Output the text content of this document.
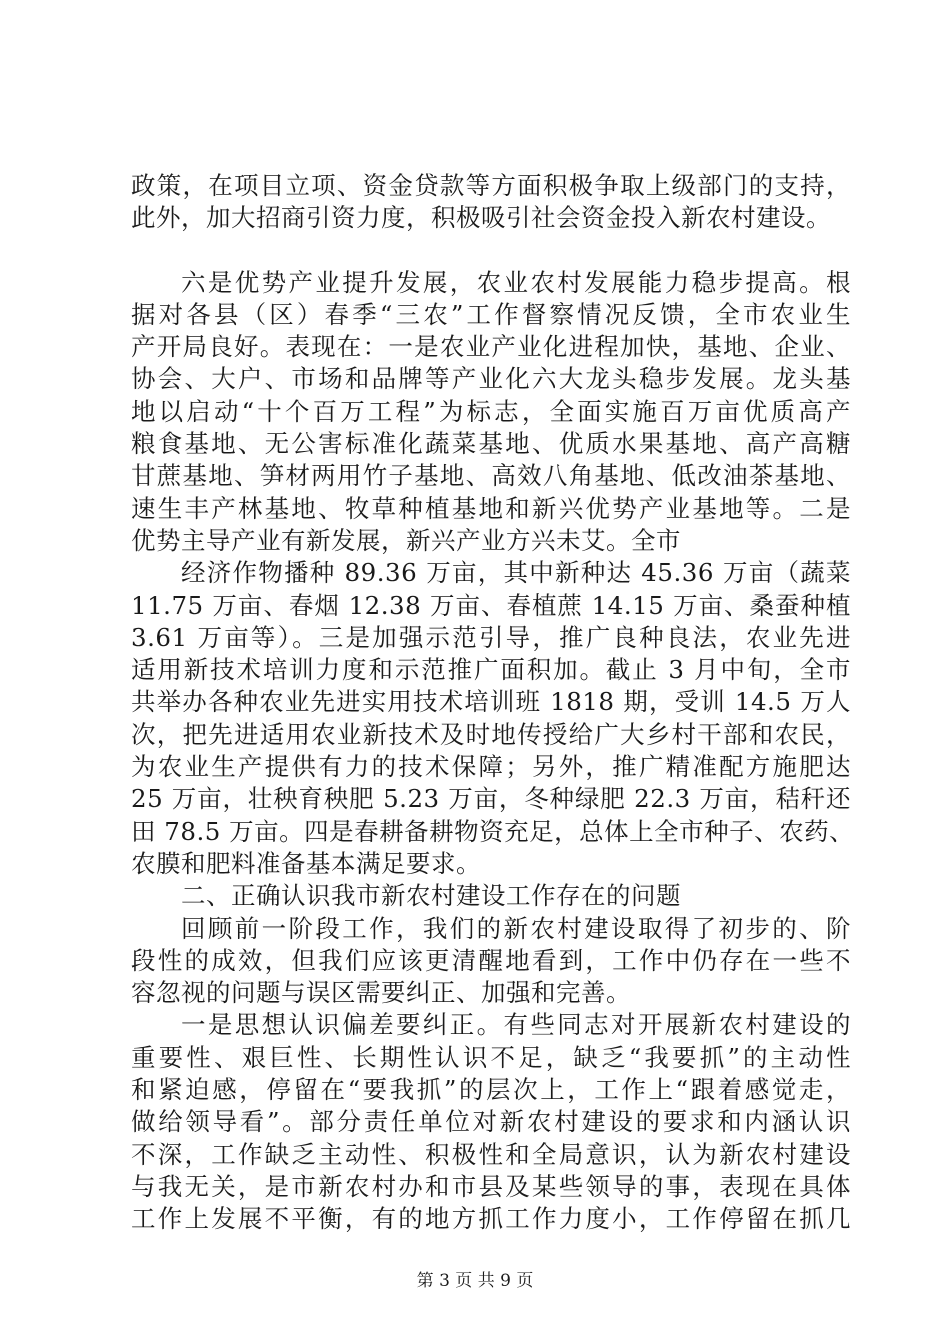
政策，在项目立项、资金贷款等方面积极争取上级部门的支持，
此外，加大招商引资力度，积极吸引社会资金投入新农村建设。
六是优势产业提升发展，农业农村发展能力稳步提高。根
据对各县（区）春季“三农”工作督察情况反馈，全市农业生
产开局良好。表现在：一是农业产业化进程加快，基地、企业、
协会、大户、市场和品牌等产业化六大龙头稳步发展。龙头基
地以启动“十个百万工程”为标志，全面实施百万亩优质高产
粮食基地、无公害标准化蔬菜基地、优质水果基地、高产高糖
甘蔗基地、笋材两用竹子基地、高效八角基地、低改油茶基地、
速生丰产林基地、牧草种植基地和新兴优势产业基地等。二是
优势主导产业有新发展，新兴产业方兴未艾。全市
经济作物播种 89.36 万亩，其中新种达 45.36 万亩（蔬菜
11.75 万亩、春烟 12.38 万亩、春植蔗 14.15 万亩、桑蚕种植
3.61 万亩等）。三是加强示范引导，推广良种良法，农业先进
适用新技术培训力度和示范推广面积加。截止 3 月中旬，全市
共举办各种农业先进实用技术培训班 1818 期，受训 14.5 万人
次，把先进适用农业新技术及时地传授给广大乡村干部和农民，
为农业生产提供有力的技术保障；另外，推广精准配方施肥达
25 万亩，壮秧育秧肥 5.23 万亩，冬种绿肥 22.3 万亩，秸秆还
田 78.5 万亩。四是春耕备耕物资充足，总体上全市种子、农药、
农膜和肥料准备基本满足要求。
二、正确认识我市新农村建设工作存在的问题
回顾前一阶段工作，我们的新农村建设取得了初步的、阶
段性的成效，但我们应该更清醒地看到，工作中仍存在一些不
容忽视的问题与误区需要纠正、加强和完善。
一是思想认识偏差要纠正。有些同志对开展新农村建设的
重要性、艰巨性、长期性认识不足，缺乏“我要抓”的主动性
和紧迫感，停留在“要我抓”的层次上，工作上“跟着感觉走，
做给领导看”。部分责任单位对新农村建设的要求和内涵认识
不深，工作缺乏主动性、积极性和全局意识，认为新农村建设
与我无关，是市新农村办和市县及某些领导的事，表现在具体
工作上发展不平衡，有的地方抓工作力度小，工作停留在抓几
第 3 页 共 9 页
